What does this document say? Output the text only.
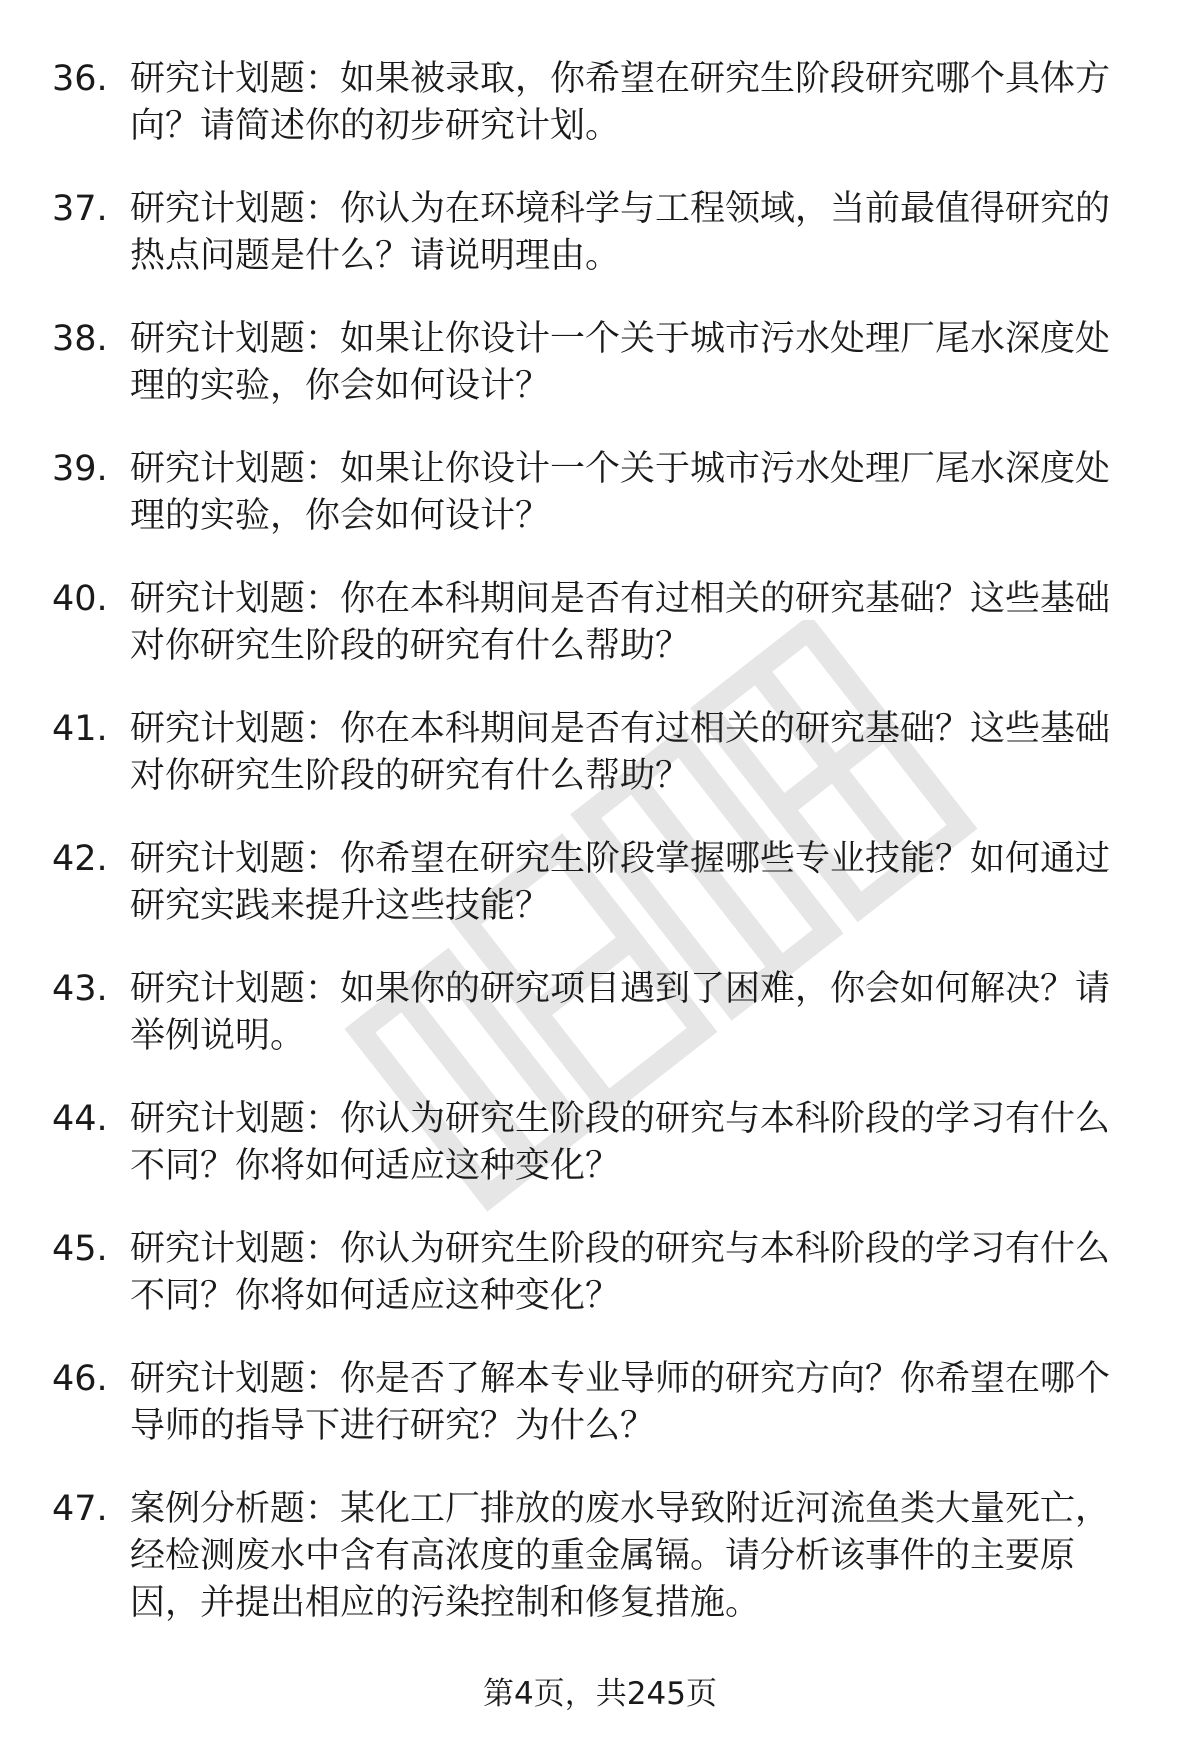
36. 研究计划题：如果被录取，你希望在研究生阶段研究哪个具体方向？请简述你的初步研究计划。
37. 研究计划题：你认为在环境科学与工程领域，当前最值得研究的热点问题是什么？请说明理由。
38. 研究计划题：如果让你设计一个关于城市污水处理厂尾水深度处理的实验，你会如何设计？
39. 研究计划题：如果让你设计一个关于城市污水处理厂尾水深度处理的实验，你会如何设计？
40. 研究计划题：你在本科期间是否有过相关的研究基础？这些基础对你研究生阶段的研究有什么帮助？
41. 研究计划题：你在本科期间是否有过相关的研究基础？这些基础对你研究生阶段的研究有什么帮助？
42. 研究计划题：你希望在研究生阶段掌握哪些专业技能？如何通过研究实践来提升这些技能？
43. 研究计划题：如果你的研究项目遇到了困难，你会如何解决？请举例说明。
44. 研究计划题：你认为研究生阶段的研究与本科阶段的学习有什么不同？你将如何适应这种变化？
45. 研究计划题：你认为研究生阶段的研究与本科阶段的学习有什么不同？你将如何适应这种变化？
46. 研究计划题：你是否了解本专业导师的研究方向？你希望在哪个导师的指导下进行研究？为什么？
47. 案例分析题：某化工厂排放的废水导致附近河流鱼类大量死亡，经检测废水中含有高浓度的重金属镉。请分析该事件的主要原因，并提出相应的污染控制和修复措施。
第4页，共245页
